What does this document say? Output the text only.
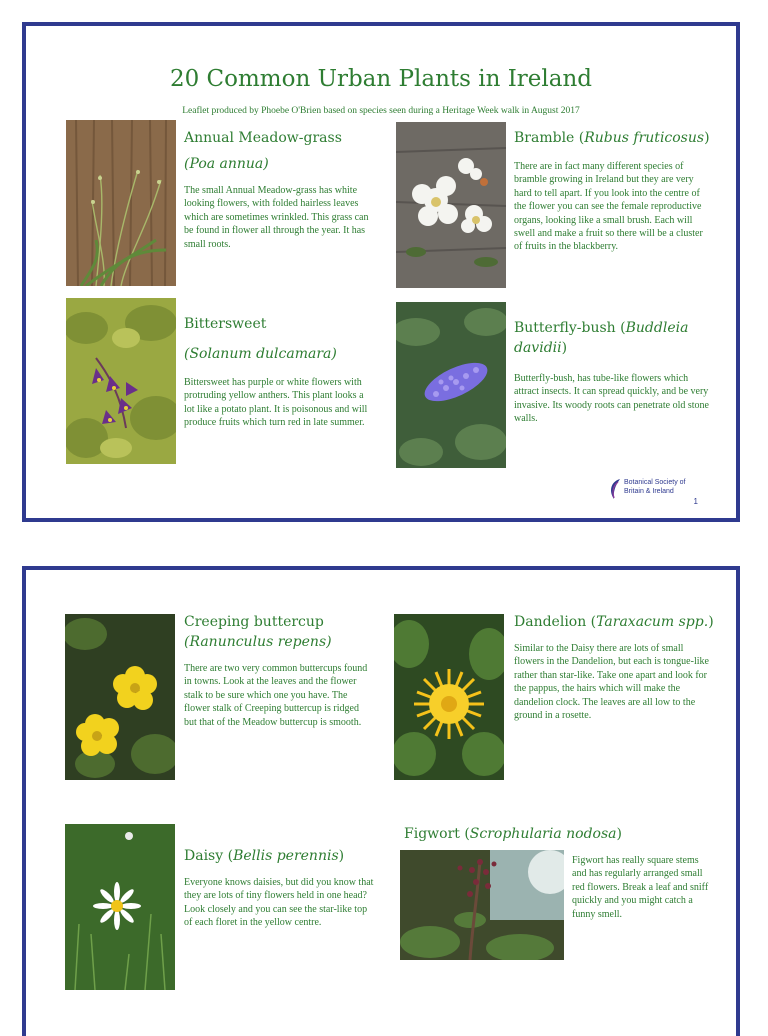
20 Common Urban Plants in Ireland
Leaflet produced by Phoebe O'Brien based on species seen during a Heritage Week walk in August 2017
Annual Meadow-grass
(Poa annua)
The small Annual Meadow-grass has white looking flowers, with folded hairless leaves which are sometimes wrinkled. This grass can be found in flower all through the year. It has small roots.
Bramble (Rubus fruticosus)
There are in fact many different species of bramble growing in Ireland but they are very hard to tell apart. If you look into the centre of the flower you can see the female reproductive organs, looking like a small brush. Each will swell and make a fruit so there will be a cluster of fruits in the blackberry.
Bittersweet
(Solanum dulcamara)
Bittersweet has purple or white flowers with protruding yellow anthers. This plant looks a lot like a potato plant. It is poisonous and will produce fruits which turn red in late summer.
Butterfly-bush (Buddleia davidii)
Butterfly-bush, has tube-like flowers which attract insects. It can spread quickly, and be very invasive. Its woody roots can penetrate old stone walls.
Botanical Society of Britain & Ireland
1
Creeping buttercup
(Ranunculus repens)
There are two very common buttercups found in towns. Look at the leaves and the flower stalk to be sure which one you have. The flower stalk of Creeping buttercup is ridged but that of the Meadow buttercup is smooth.
Dandelion (Taraxacum spp.)
Similar to the Daisy there are lots of small flowers in the Dandelion, but each is tongue-like rather than star-like. Take one apart and look for the pappus, the hairs which will make the dandelion clock. The leaves are all low to the ground in a rosette.
Daisy (Bellis perennis)
Everyone knows daisies, but did you know that they are lots of tiny flowers held in one head? Look closely and you can see the star-like top of each floret in the yellow centre.
Figwort (Scrophularia nodosa)
Figwort has really square stems and has regularly arranged small red flowers. Break a leaf and sniff quickly and you might catch a funny smell.
